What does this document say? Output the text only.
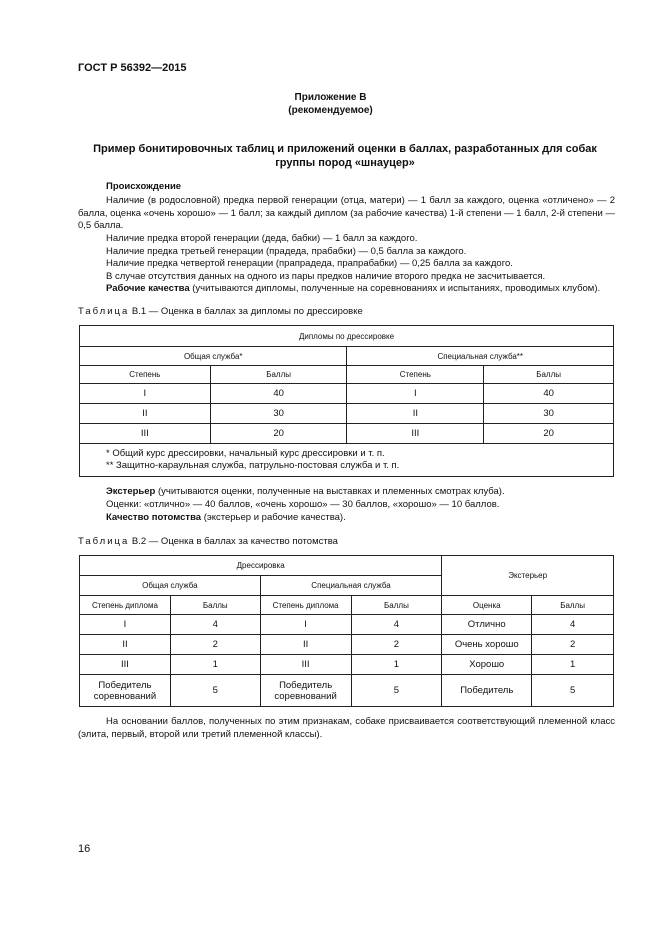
ГОСТ Р 56392—2015
Приложение В
(рекомендуемое)
Пример бонитировочных таблиц и приложений оценки в баллах, разработанных для собак группы пород «шнауцер»
Происхождение
Наличие (в родословной) предка первой генерации (отца, матери) — 1 балл за каждого, оценка «отличено» — 2 балла, оценка «очень хорошо» — 1 балл; за каждый диплом (за рабочие качества) 1-й степени — 1 балл, 2-й степени — 0,5 балла.
Наличие предка второй генерации (деда, бабки) — 1 балл за каждого.
Наличие предка третьей генерации (прадеда, прабабки) — 0,5 балла за каждого.
Наличие предка четвертой генерации (прапрадеда, прапрабабки) — 0,25 балла за каждого.
В случае отсутствия данных на одного из пары предков наличие второго предка не засчитывается.
Рабочие качества (учитываются дипломы, полученные на соревнованиях и испытаниях, проводимых клубом).
Таблица В.1 — Оценка в баллах за дипломы по дрессировке
Дипломы по дрессировке			
Общая служба*		Специальная служба**	
Степень	Баллы	Степень	Баллы
I	40	I	40
II	30	II	30
III	20	III	20

* Общий курс дрессировки, начальный курс дрессировки и т. п.
** Защитно-караульная служба, патрульно-постовая служба и т. п.			
Экстерьер (учитываются оценки, полученные на выставках и племенных смотрах клуба).
Оценки: «отлично» — 40 баллов, «очень хорошо» — 30 баллов, «хорошо» — 10 баллов.
Качество потомства (экстерьер и рабочие качества).
Таблица В.2 — Оценка в баллах за качество потомства
Дрессировка				Экстерьер	
Общая служба		Специальная служба			
Степень диплома	Баллы	Степень диплома	Баллы	Оценка	Баллы
I	4	I	4	Отлично	4
II	2	II	2	Очень хорошо	2
III	1	III	1	Хорошо	1
Победитель соревнований	5	Победитель соревнований	5	Победитель	5
На основании баллов, полученных по этим признакам, собаке присваивается соответствующий племенной класс (элита, первый, второй или третий племенной классы).
16
